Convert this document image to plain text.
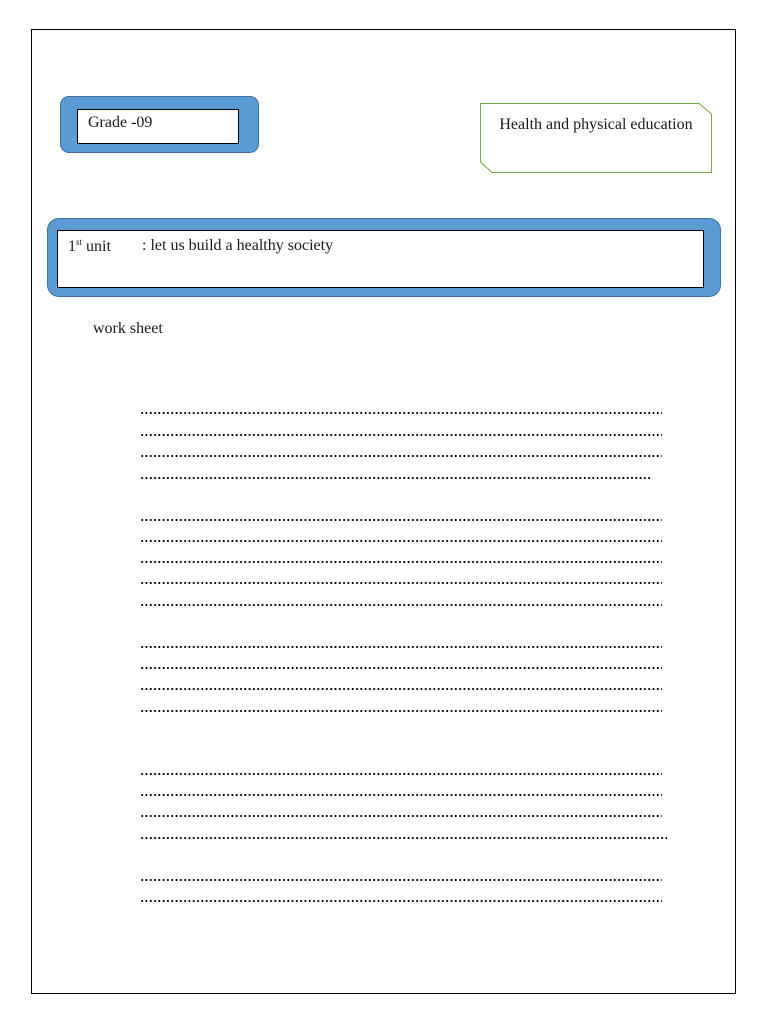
Grade -09	Health and physical education
1st unit : let us build a healthy society
work sheet
